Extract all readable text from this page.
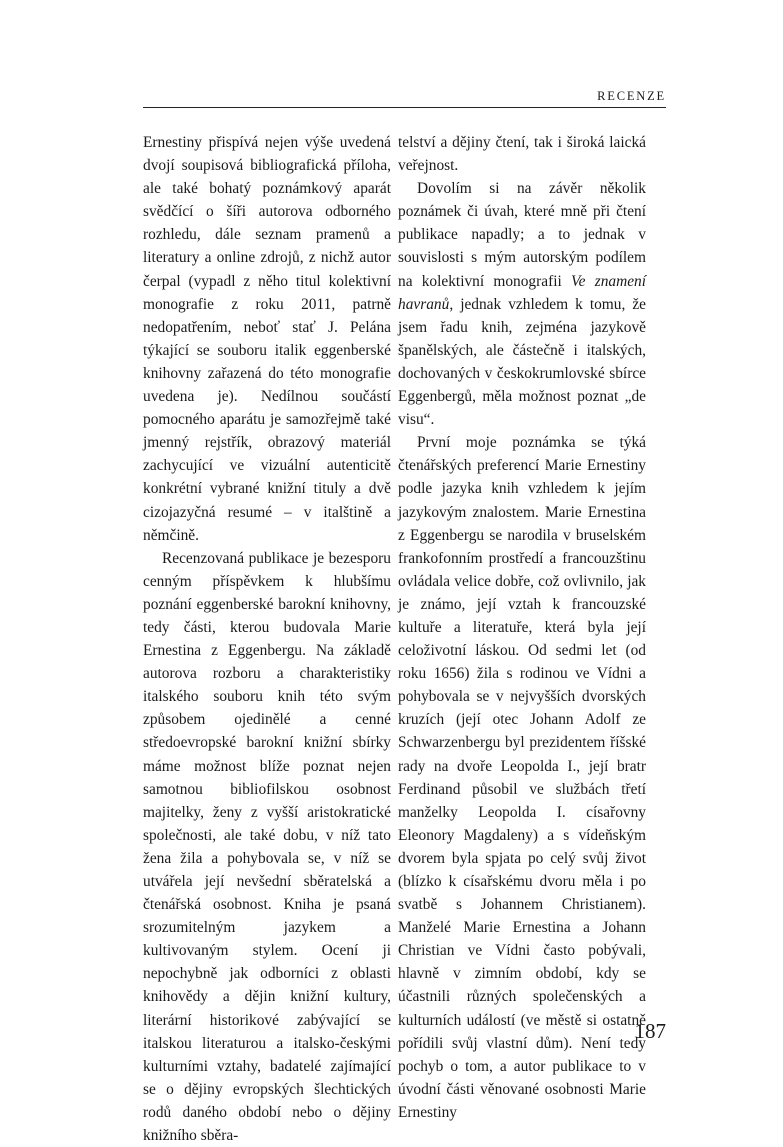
RECENZE

Ernestiny přispívá nejen výše uvedená dvojí soupisová bibliografická příloha, ale také bohatý poznámkový aparát svědčící o šíři autorova odborného rozhledu, dále seznam pramenů a literatury a online zdrojů, z nichž autor čerpal (vypadl z něho titul kolektivní monografie z roku 2011, patrně nedopatřením, neboť stať J. Pelána týkající se souboru italik eggenberské knihovny zařazená do této monografie uvedena je). Nedílnou součástí pomocného aparátu je samozřejmě také jmenný rejstřík, obrazový materiál zachycující ve vizuální autenticitě konkrétní vybrané knižní tituly a dvě cizojazyčná resumé – v italštině a němčině.

Recenzovaná publikace je bezesporu cenným příspěvkem k hlubšímu poznání eggenberské barokní knihovny, tedy části, kterou budovala Marie Ernestina z Eggenbergu. Na základě autorova rozboru a charakteristiky italského souboru knih této svým způsobem ojedinělé a cenné středoevropské barokní knižní sbírky máme možnost blíže poznat nejen samotnou bibliofilskou osobnost majitelky, ženy z vyšší aristokratické společnosti, ale také dobu, v níž tato žena žila a pohybovala se, v níž se utvářela její nevšední sběratelská a čtenářská osobnost. Kniha je psaná srozumitelným jazykem a kultivovaným stylem. Ocení ji nepochybně jak odborníci z oblasti knihovědy a dějin knižní kultury, literární historikové zabývající se italskou literaturou a italsko-českými kulturními vztahy, badatelé zajímající se o dějiny evropských šlechtických rodů daného období nebo o dějiny knižního sběra-

telství a dějiny čtení, tak i široká laická veřejnost.

Dovolím si na závěr několik poznámek či úvah, které mně při čtení publikace napadly; a to jednak v souvislosti s mým autorským podílem na kolektivní monografii Ve znamení havranů, jednak vzhledem k tomu, že jsem řadu knih, zejména jazykově španělských, ale částečně i italských, dochovaných v českokrumlovské sbírce Eggenbergů, měla možnost poznat „de visu“.

První moje poznámka se týká čtenářských preferencí Marie Ernestiny podle jazyka knih vzhledem k jejím jazykovým znalostem. Marie Ernestina z Eggenbergu se narodila v bruselském frankofonním prostředí a francouzštinu ovládala velice dobře, což ovlivnilo, jak je známo, její vztah k francouzské kultuře a literatuře, která byla její celoživotní láskou. Od sedmi let (od roku 1656) žila s rodinou ve Vídni a pohybovala se v nejvyšších dvorských kruzích (její otec Johann Adolf ze Schwarzenbergu byl prezidentem říšské rady na dvoře Leopolda I., její bratr Ferdinand působil ve službách třetí manželky Leopolda I. císařovny Eleonory Magdaleny) a s vídeňským dvorem byla spjata po celý svůj život (blízko k císařskému dvoru měla i po svatbě s Johannem Christianem). Manželé Marie Ernestina a Johann Christian ve Vídni často pobývali, hlavně v zimním období, kdy se účastnili různých společenských a kulturních událostí (ve městě si ostatně pořídili svůj vlastní dům). Není tedy pochyb o tom, a autor publikace to v úvodní části věnované osobnosti Marie Ernestiny

187
